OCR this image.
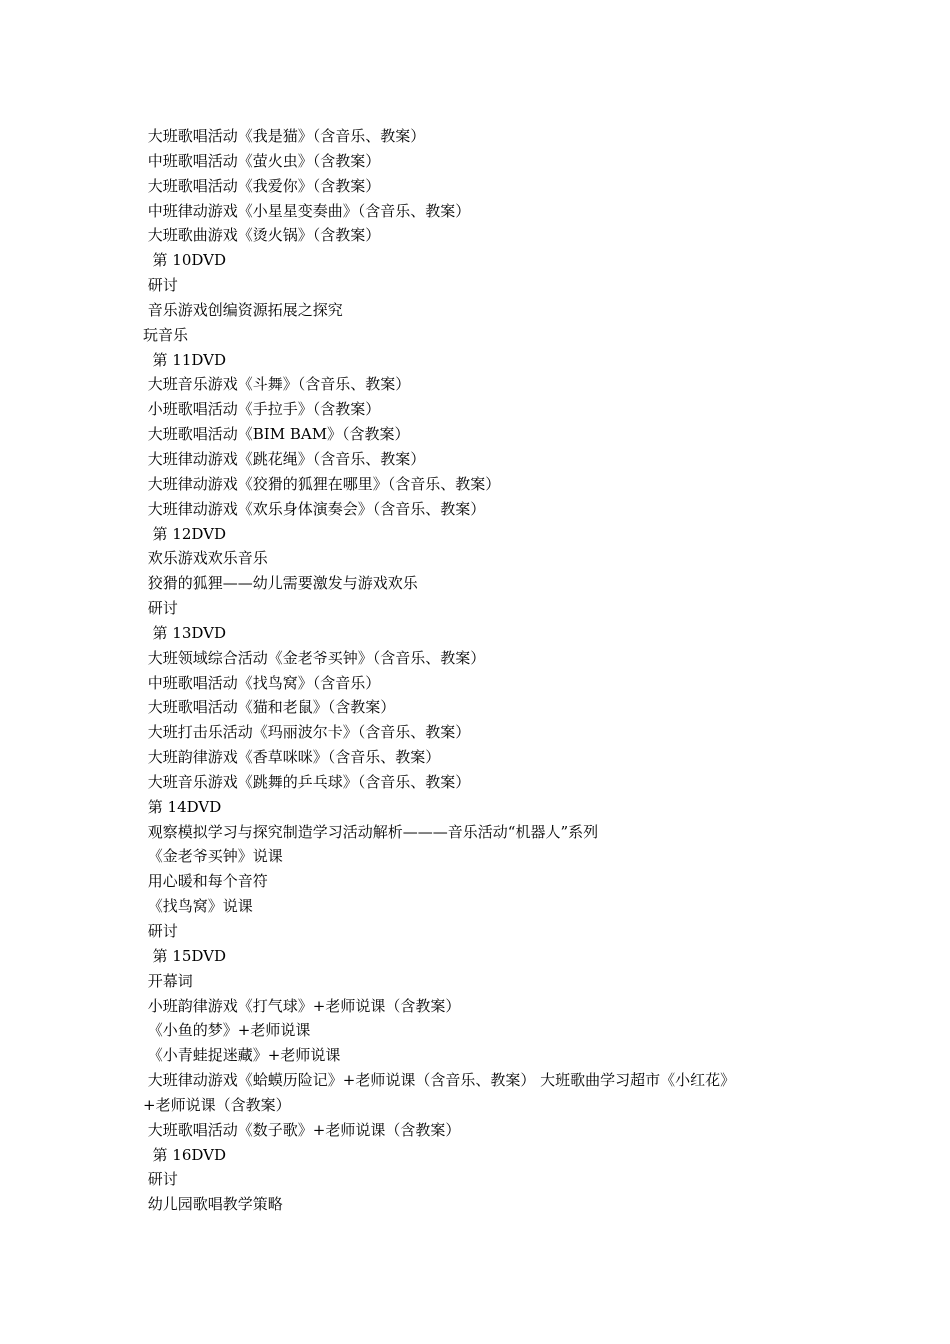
大班歌唱活动《我是猫》（含音乐、教案）
中班歌唱活动《萤火虫》（含教案）
大班歌唱活动《我爱你》（含教案）
中班律动游戏《小星星变奏曲》（含音乐、教案）
大班歌曲游戏《烫火锅》（含教案）
第 10DVD
研讨
音乐游戏创编资源拓展之探究
玩音乐
第 11DVD
大班音乐游戏《斗舞》（含音乐、教案）
小班歌唱活动《手拉手》（含教案）
大班歌唱活动《BIM BAM》（含教案）
大班律动游戏《跳花绳》（含音乐、教案）
大班律动游戏《狡猾的狐狸在哪里》（含音乐、教案）
大班律动游戏《欢乐身体演奏会》（含音乐、教案）
第 12DVD
欢乐游戏欢乐音乐
狡猾的狐狸——幼儿需要激发与游戏欢乐
研讨
第 13DVD
大班领域综合活动《金老爷买钟》（含音乐、教案）
中班歌唱活动《找鸟窝》（含音乐）
大班歌唱活动《猫和老鼠》（含教案）
大班打击乐活动《玛丽波尔卡》（含音乐、教案）
大班韵律游戏《香草咪咪》（含音乐、教案）
大班音乐游戏《跳舞的乒乓球》（含音乐、教案）
第 14DVD
观察模拟学习与探究制造学习活动解析———音乐活动“机器人”系列
《金老爷买钟》说课
用心暖和每个音符
《找鸟窝》说课
研讨
第 15DVD
开幕词
小班韵律游戏《打气球》+老师说课（含教案）
《小鱼的梦》+老师说课
《小青蛙捉迷藏》+老师说课
大班律动游戏《蛤蟆历险记》+老师说课（含音乐、教案） 大班歌曲学习超市《小红花》
+老师说课（含教案）
大班歌唱活动《数子歌》+老师说课（含教案）
第 16DVD
研讨
幼儿园歌唱教学策略
